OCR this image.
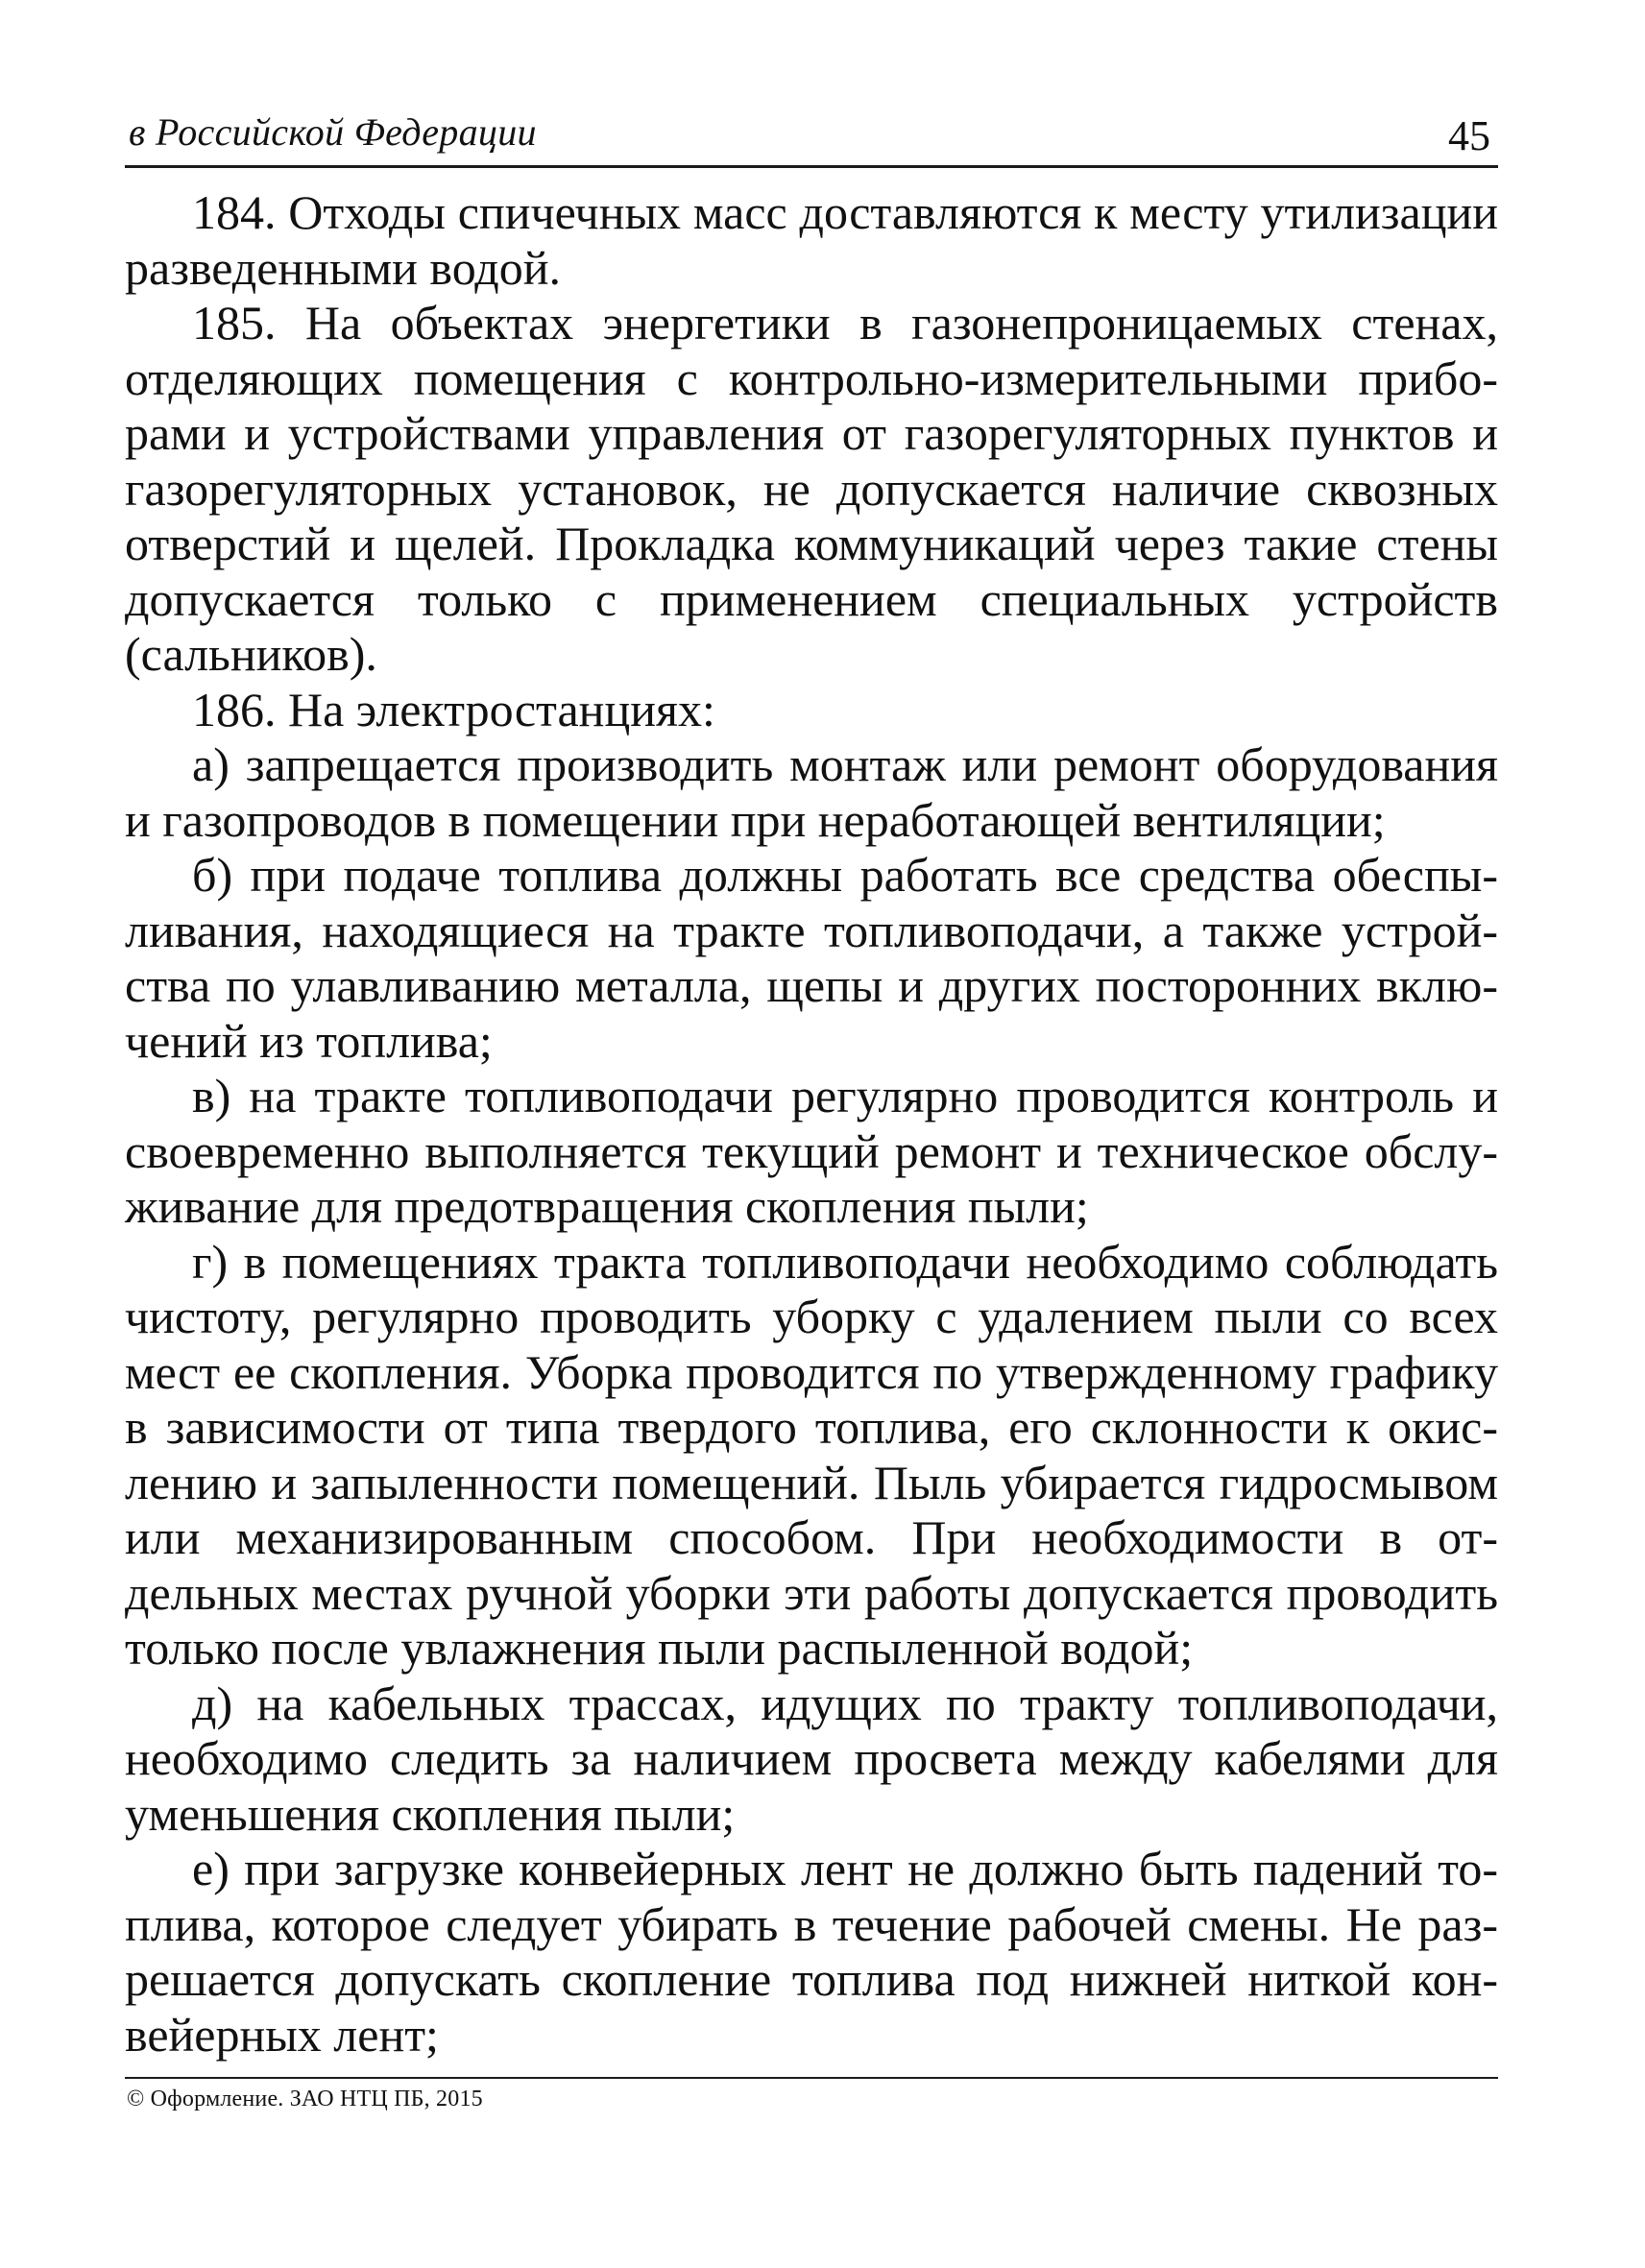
в Российской Федерации	45

184. Отходы спичечных масс доставляются к месту утилизации разведенными водой.

185. На объектах энергетики в газонепроницаемых стенах, отделяющих помещения с контрольно-измерительными приборами и устройствами управления от газорегуляторных пунктов и газорегуляторных установок, не допускается наличие сквозных отверстий и щелей. Прокладка коммуникаций через такие стены допускается только с применением специальных устройств (сальников).

186. На электростанциях:

а) запрещается производить монтаж или ремонт оборудования и газопроводов в помещении при неработающей вентиляции;

б) при подаче топлива должны работать все средства обеспыливания, находящиеся на тракте топливоподачи, а также устройства по улавливанию металла, щепы и других посторонних включений из топлива;

в) на тракте топливоподачи регулярно проводится контроль и своевременно выполняется текущий ремонт и техническое обслуживание для предотвращения скопления пыли;

г) в помещениях тракта топливоподачи необходимо соблюдать чистоту, регулярно проводить уборку с удалением пыли со всех мест ее скопления. Уборка проводится по утвержденному графику в зависимости от типа твердого топлива, его склонности к окислению и запыленности помещений. Пыль убирается гидросмывом или механизированным способом. При необходимости в отдельных местах ручной уборки эти работы допускается проводить только после увлажнения пыли распыленной водой;

д) на кабельных трассах, идущих по тракту топливоподачи, необходимо следить за наличием просвета между кабелями для уменьшения скопления пыли;

е) при загрузке конвейерных лент не должно быть падений топлива, которое следует убирать в течение рабочей смены. Не разрешается допускать скопление топлива под нижней ниткой конвейерных лент;

© Оформление. ЗАО НТЦ ПБ, 2015
